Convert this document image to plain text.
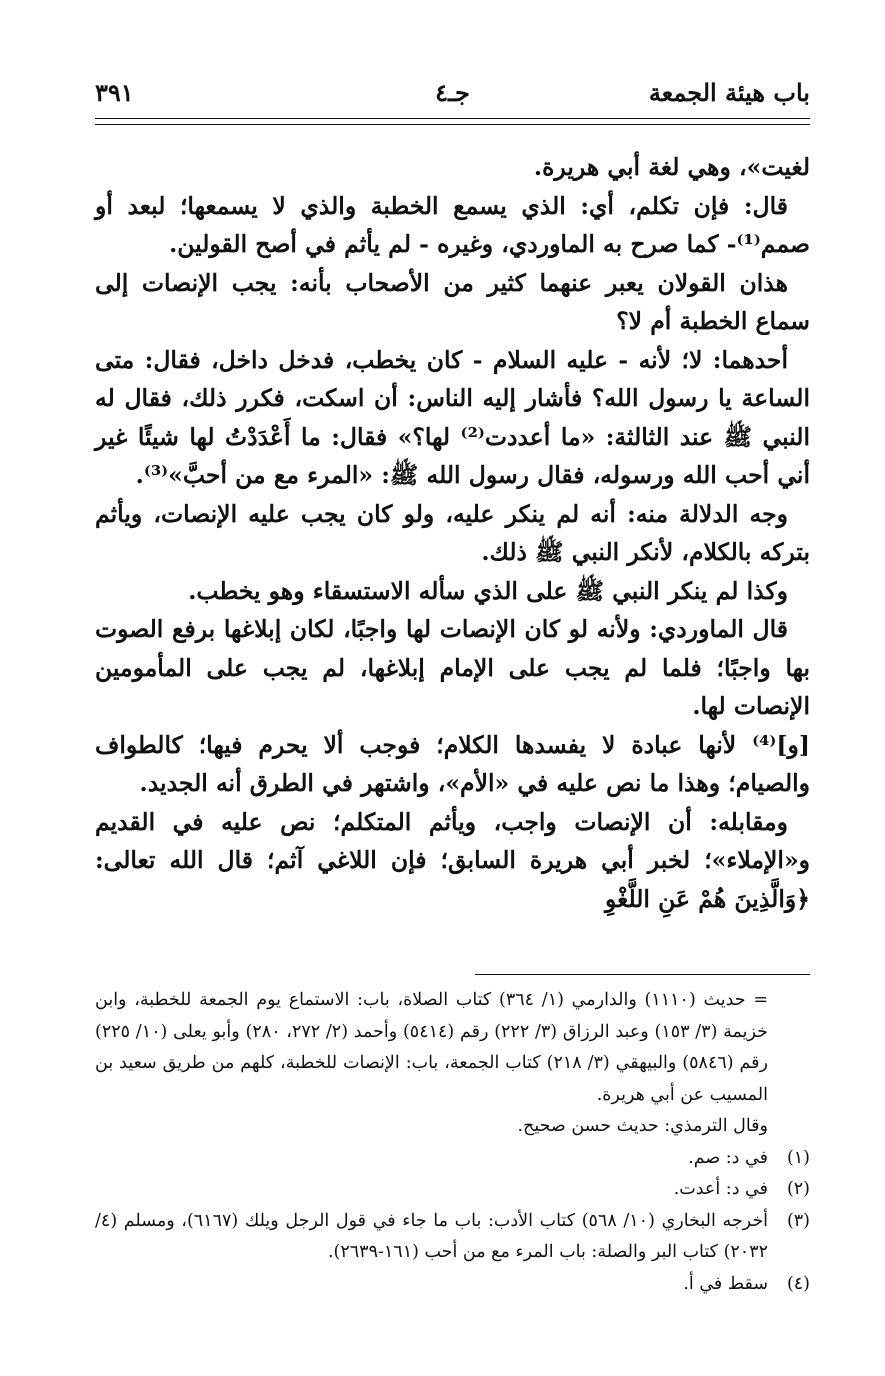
باب هيئة الجمعة
جـ٤
٣٩١

لغيت»، وهي لغة أبي هريرة.

قال: فإن تكلم، أي: الذي يسمع الخطبة والذي لا يسمعها؛ لبعد أو صمم⁽¹⁾- كما صرح به الماوردي، وغيره - لم يأثم في أصح القولين.

هذان القولان يعبر عنهما كثير من الأصحاب بأنه: يجب الإنصات إلى سماع الخطبة أم لا؟

أحدهما: لا؛ لأنه - عليه السلام - كان يخطب، فدخل داخل، فقال: متى الساعة يا رسول الله؟ فأشار إليه الناس: أن اسكت، فكرر ذلك، فقال له النبي ﷺ عند الثالثة: «ما أعددت⁽²⁾ لها؟» فقال: ما أَعْدَدْتُ لها شيئًا غير أني أحب الله ورسوله، فقال رسول الله ﷺ: «المرء مع من أحبَّ»⁽³⁾.

وجه الدلالة منه: أنه لم ينكر عليه، ولو كان يجب عليه الإنصات، ويأثم بتركه بالكلام، لأنكر النبي ﷺ ذلك.

وكذا لم ينكر النبي ﷺ على الذي سأله الاستسقاء وهو يخطب.

قال الماوردي: ولأنه لو كان الإنصات لها واجبًا، لكان إبلاغها برفع الصوت بها واجبًا؛ فلما لم يجب على الإمام إبلاغها، لم يجب على المأمومين الإنصات لها.

[و]⁽⁴⁾ لأنها عبادة لا يفسدها الكلام؛ فوجب ألا يحرم فيها؛ كالطواف والصيام؛ وهذا ما نص عليه في «الأم»، واشتهر في الطرق أنه الجديد.

ومقابله: أن الإنصات واجب، ويأثم المتكلم؛ نص عليه في القديم و«الإملاء»؛ لخبر أبي هريرة السابق؛ فإن اللاغي آثم؛ قال الله تعالى: ﴿وَالَّذِينَ هُمْ عَنِ اللَّغْوِ

= حديث (١١١٠) والدارمي (١/ ٣٦٤) كتاب الصلاة، باب: الاستماع يوم الجمعة للخطبة، وابن خزيمة (٣/ ١٥٣) وعبد الرزاق (٣/ ٢٢٢) رقم (٥٤١٤) وأحمد (٢/ ٢٧٢، ٢٨٠) وأبو يعلى (١٠/ ٢٢٥) رقم (٥٨٤٦) والبيهقي (٣/ ٢١٨) كتاب الجمعة، باب: الإنصات للخطبة، كلهم من طريق سعيد بن المسيب عن أبي هريرة.

وقال الترمذي: حديث حسن صحيح.

(١)
في د: صم.
(٢)
في د: أعدت.
(٣)
أخرجه البخاري (١٠/ ٥٦٨) كتاب الأدب: باب ما جاء في قول الرجل ويلك (٦١٦٧)، ومسلم (٤/ ٢٠٣٢) كتاب البر والصلة: باب المرء مع من أحب (١٦١-٢٦٣٩).
(٤)
سقط في أ.
